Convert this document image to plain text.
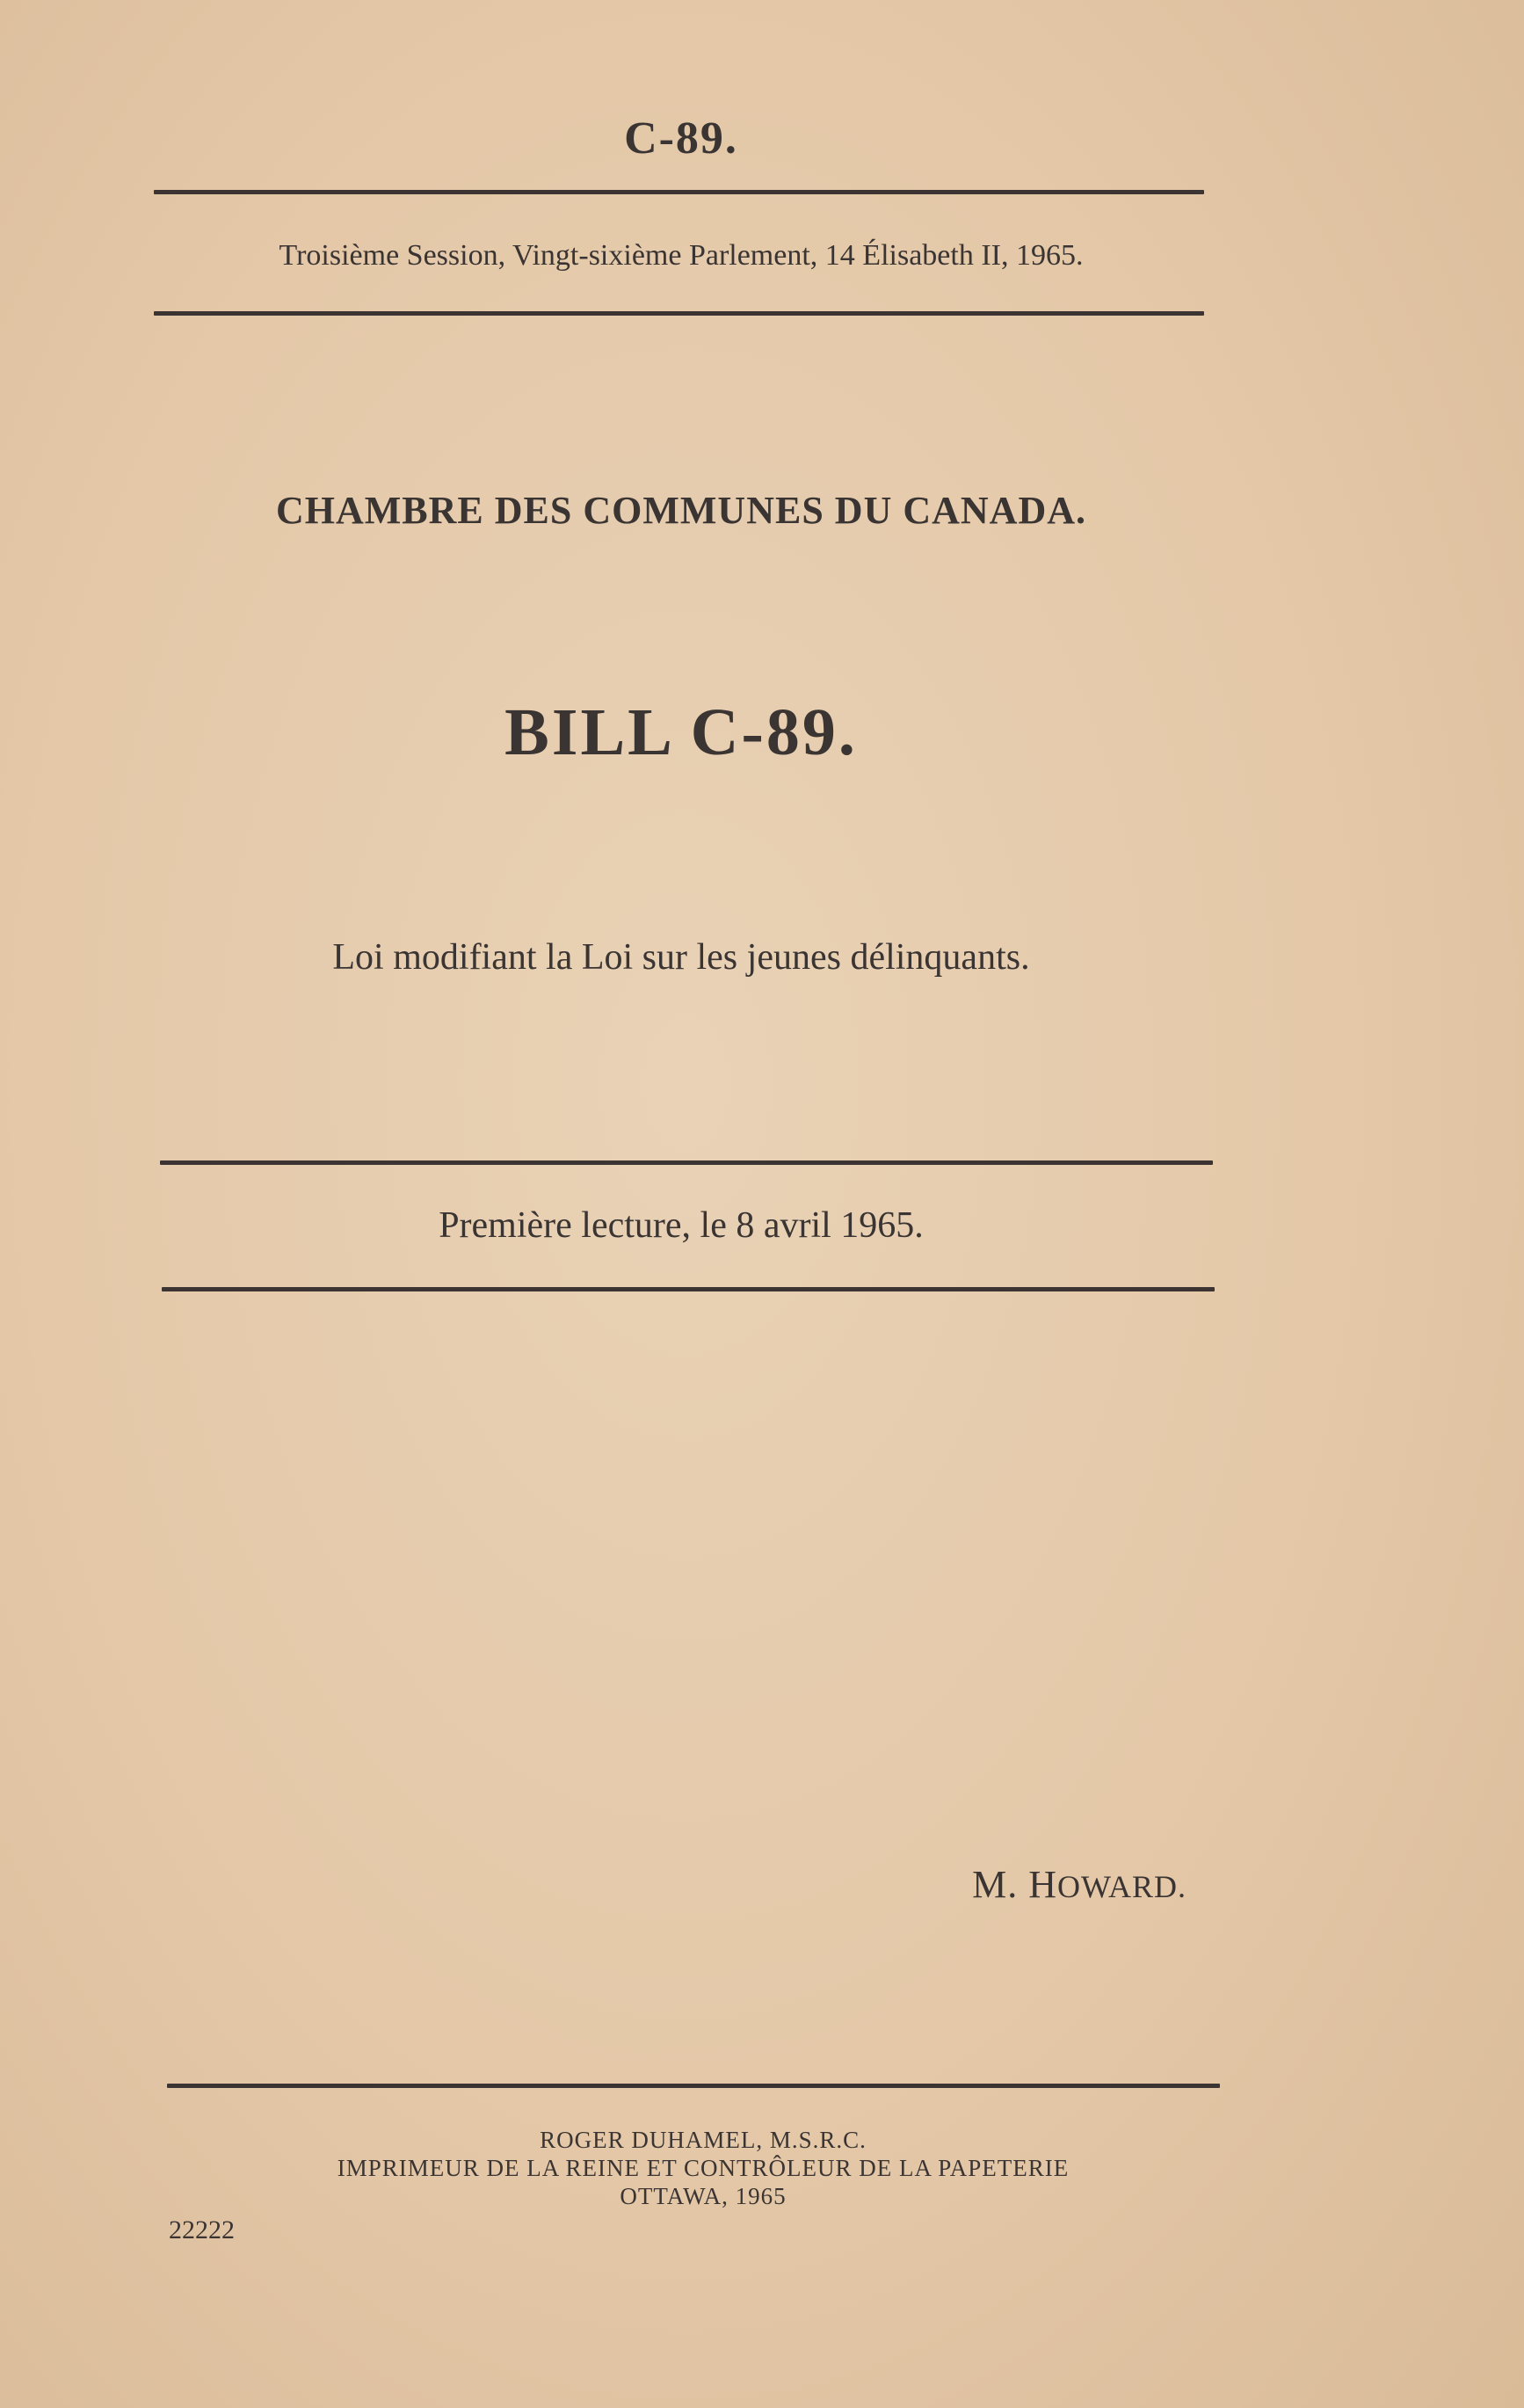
C-89.
Troisième Session, Vingt-sixième Parlement, 14 Élisabeth II, 1965.
CHAMBRE DES COMMUNES DU CANADA.
BILL C-89.
Loi modifiant la Loi sur les jeunes délinquants.
Première lecture, le 8 avril 1965.
M. HOWARD.
ROGER DUHAMEL, M.S.R.C.
IMPRIMEUR DE LA REINE ET CONTRÔLEUR DE LA PAPETERIE
OTTAWA, 1965
22222
